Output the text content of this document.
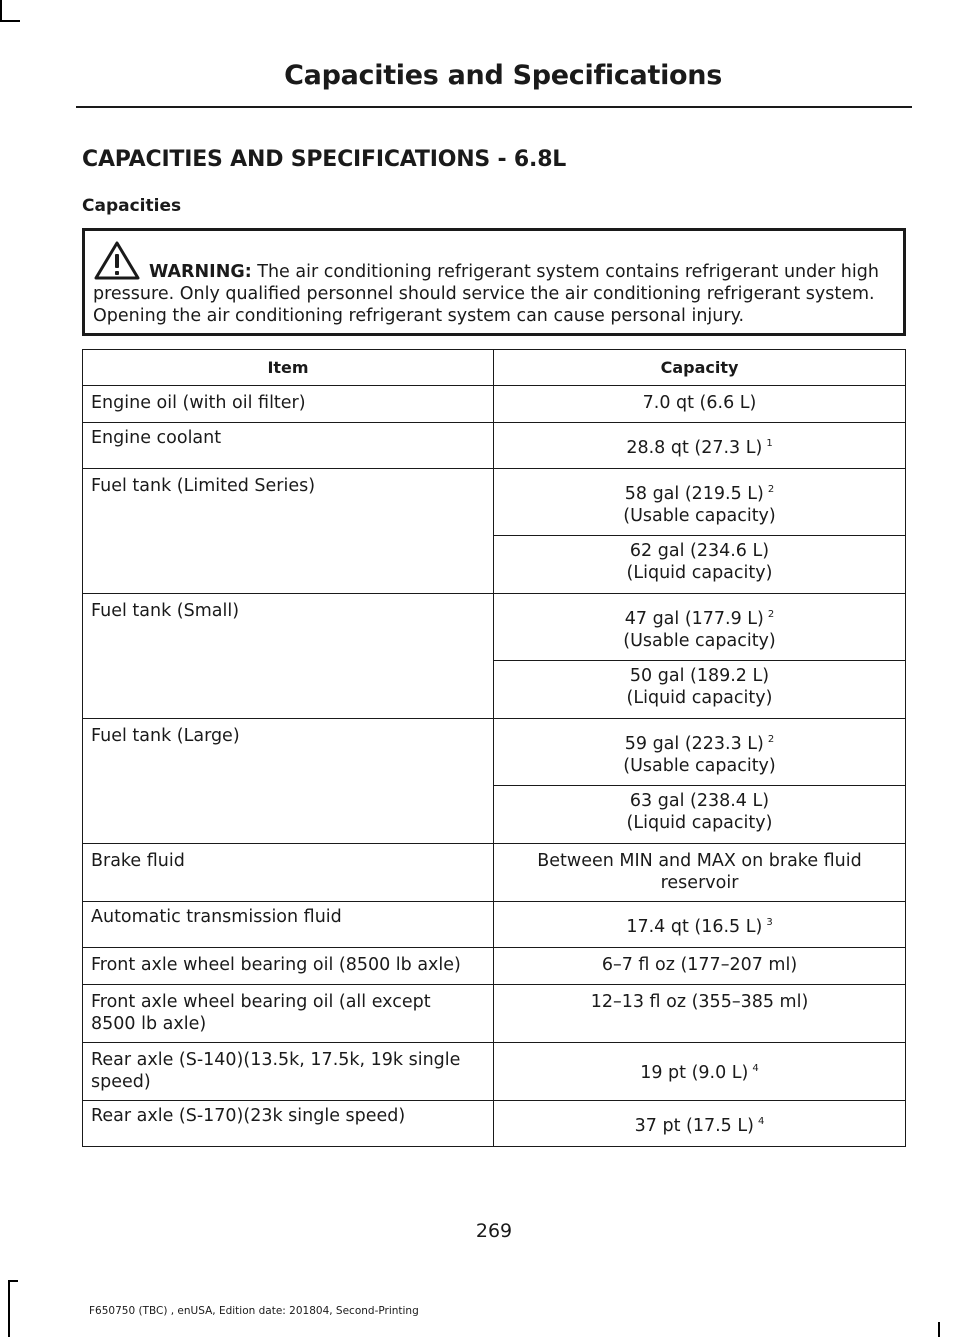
Capacities and Specifications
CAPACITIES AND SPECIFICATIONS - 6.8L
Capacities
WARNING: The air conditioning refrigerant system contains refrigerant under high pressure. Only qualified personnel should service the air conditioning refrigerant system. Opening the air conditioning refrigerant system can cause personal injury.
Item	Capacity
Engine oil (with oil filter)	7.0 qt (6.6 L)
Engine coolant	28.8 qt (27.3 L) $^1$
Fuel tank (Limited Series)	58 gal (219.5 L) $^2$
(Usable capacity)

	62 gal (234.6 L)
(Liquid capacity)

Fuel tank (Small)	47 gal (177.9 L) $^2$
(Usable capacity)

	50 gal (189.2 L)
(Liquid capacity)

Fuel tank (Large)	59 gal (223.3 L) $^2$
(Usable capacity)

	63 gal (238.4 L)
(Liquid capacity)

Brake fluid	Between MIN and MAX on brake fluid
reservoir

Automatic transmission fluid	17.4 qt (16.5 L) $^3$
Front axle wheel bearing oil (8500 lb axle)	6–7 fl oz (177–207 ml)

Front axle wheel bearing oil (all except
8500 lb axle)	12–13 fl oz (355–385 ml)

Rear axle (S-140)(13.5k, 17.5k, 19k single
speed)	19 pt (9.0 L) $^4$
Rear axle (S-170)(23k single speed)	37 pt (17.5 L) $^4$
269
F650750 (TBC) , enUSA, Edition date: 201804, Second-Printing
